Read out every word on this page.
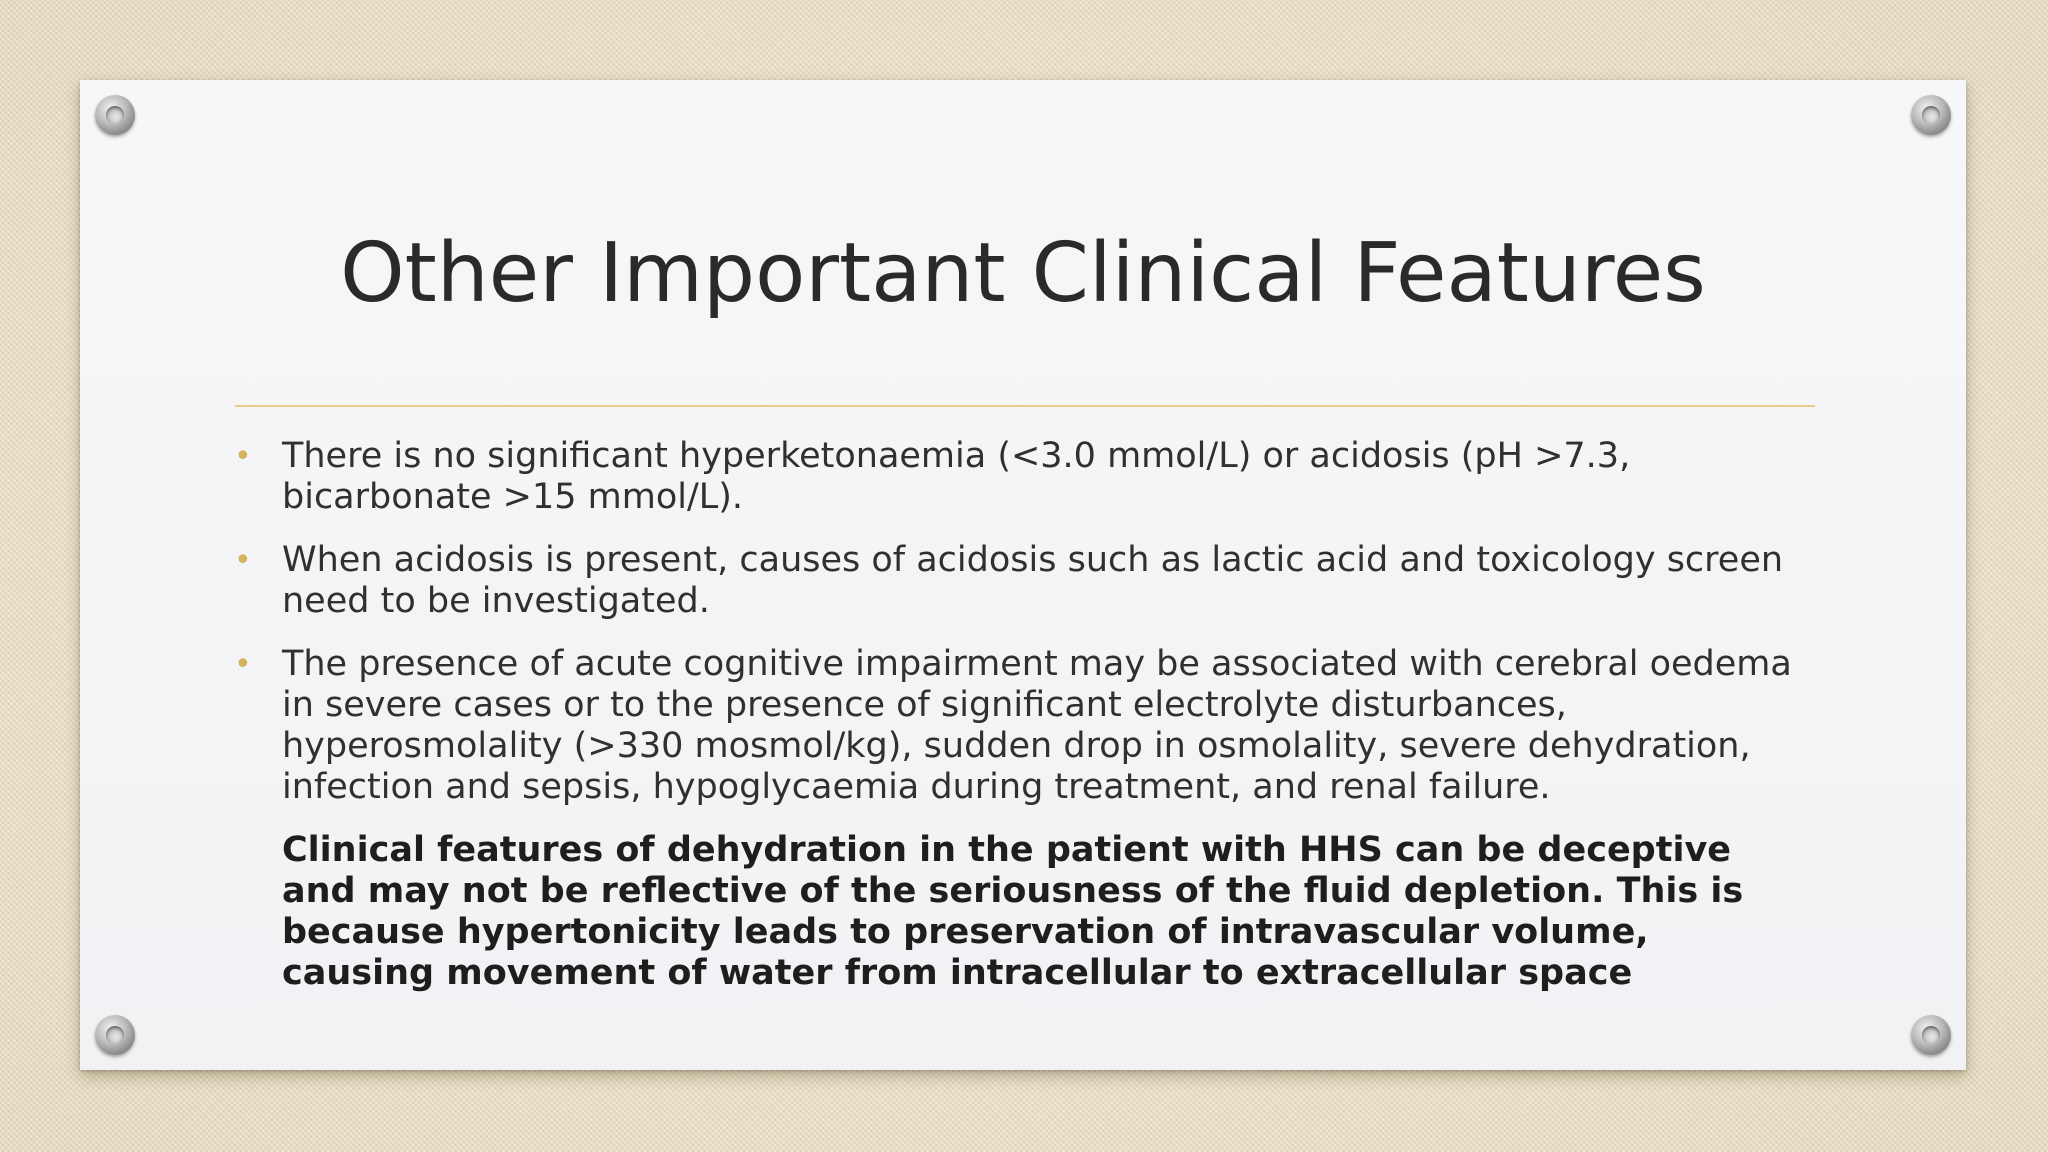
Other Important Clinical Features
• There is no significant hyperketonaemia (<3.0 mmol/L) or acidosis (pH >7.3, bicarbonate >15 mmol/L).
• When acidosis is present, causes of acidosis such as lactic acid and toxicology screen need to be investigated.
• The presence of acute cognitive impairment may be associated with cerebral oedema in severe cases or to the presence of significant electrolyte disturbances, hyperosmolality (>330 mosmol/kg), sudden drop in osmolality, severe dehydration, infection and sepsis, hypoglycaemia during treatment, and renal failure.

Clinical features of dehydration in the patient with HHS can be deceptive and may not be reflective of the seriousness of the fluid depletion. This is because hypertonicity leads to preservation of intravascular volume, causing movement of water from intracellular to extracellular space
